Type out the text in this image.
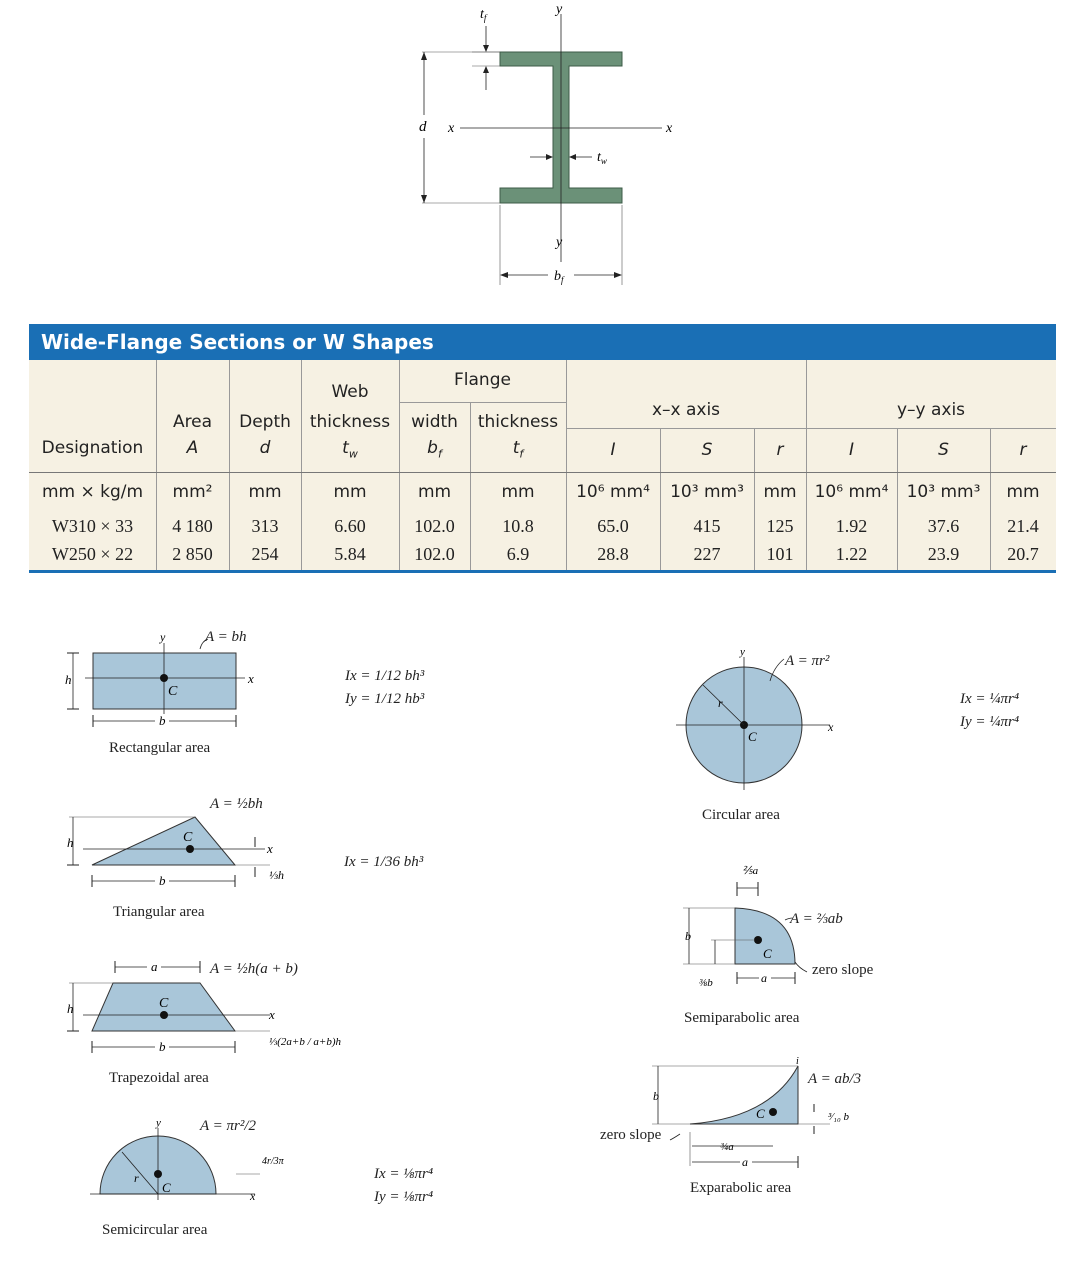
x	x
y
y
d
$t_f$
$t_w$
$b_f$
Wide-Flange Sections or W Shapes
Designation
Area
A
Depth
d
Web
thickness
$t_w$
Flange
width
$b_f$
thickness
$t_f$
x–x axis	y–y axis
I	S	r	I	S	r
mm × kg/m	mm²	mm	mm	mm	mm	10⁶ mm⁴	10³ mm³	mm	10⁶ mm⁴	10³ mm³	mm
W310 × 33	4 180	313	6.60	102.0	10.8	65.0	415	125	1.92	37.6	21.4
W250 × 22	2 850	254	5.84	102.0	6.9	28.8	227	101	1.22	23.9	20.7
C
y
x
h
b
A = bh
Rectangular area
Ix = 1/12 bh³
Iy = 1/12 hb³
C
x
h
⅓h
b
A = ½bh
Triangular area
Ix = 1/36 bh³
C
x
a
h
⅓(2a+b / a+b)h
b
A = ½h(a + b)
Trapezoidal area
C
r
y
x
4r/3π
A = πr²/2
Semicircular area
Ix = ⅛πr⁴
Iy = ⅛πr⁴
C
r
y
x
A = πr²
Circular area
Ix = ¼πr⁴
Iy = ¼πr⁴
C
⅖a
b
⅜b	a
A = ⅔ab
zero slope
Semiparabolic area
C
b
¾a
a
³⁄₁₀ b
i
A = ab/3
zero slope
Exparabolic area
